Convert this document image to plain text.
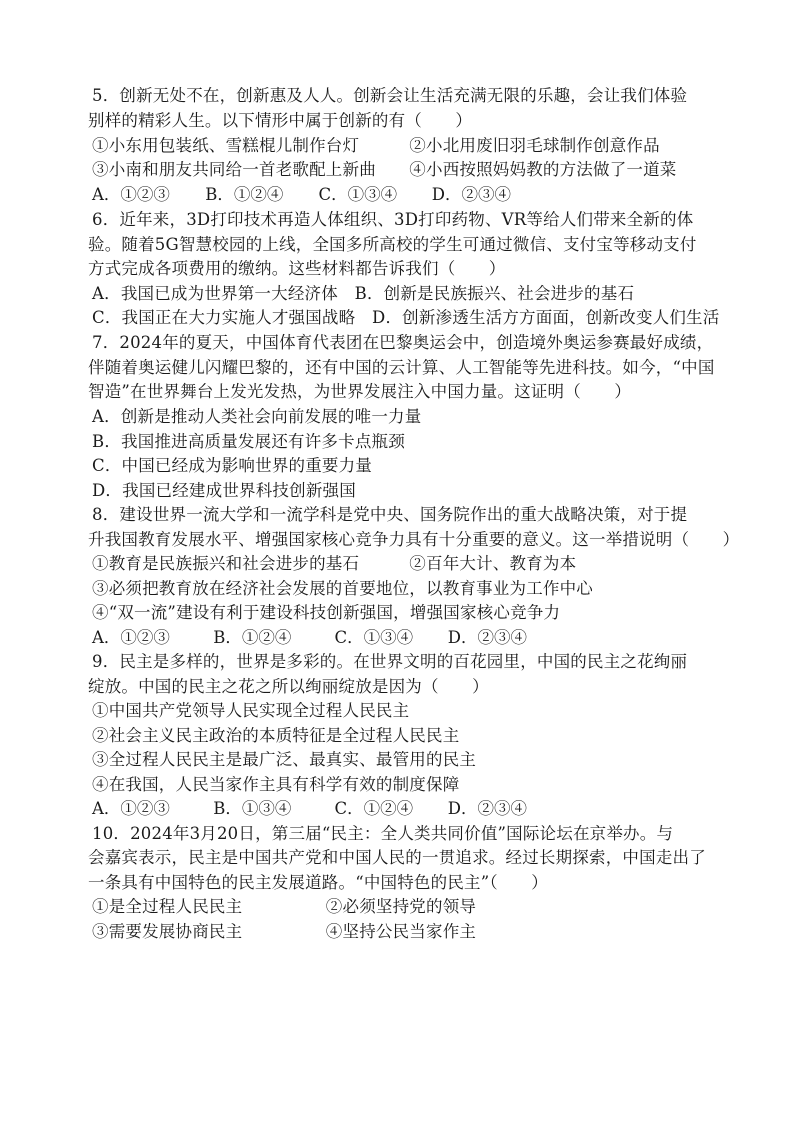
5．创新无处不在，创新惠及人人。创新会让生活充满无限的乐趣，会让我们体验
别样的精彩人生。以下情形中属于创新的有（　　）
①小东用包装纸、雪糕棍儿制作台灯　　　②小北用废旧羽毛球制作创意作品
③小南和朋友共同给一首老歌配上新曲　　④小西按照妈妈教的方法做了一道菜
A．①②③ B．①②④ C．①③④ D．②③④
6．近年来，3D打印技术再造人体组织、3D打印药物、VR等给人们带来全新的体
验。随着5G智慧校园的上线，全国多所高校的学生可通过微信、支付宝等移动支付
方式完成各项费用的缴纳。这些材料都告诉我们（　　）
A．我国已成为世界第一大经济体　B．创新是民族振兴、社会进步的基石
C．我国正在大力实施人才强国战略　D．创新渗透生活方方面面，创新改变人们生活
7．2024年的夏天，中国体育代表团在巴黎奥运会中，创造境外奥运参赛最好成绩，
伴随着奥运健儿闪耀巴黎的，还有中国的云计算、人工智能等先进科技。如今，“中国
智造”在世界舞台上发光发热，为世界发展注入中国力量。这证明（　　）
A．创新是推动人类社会向前发展的唯一力量
B．我国推进高质量发展还有许多卡点瓶颈
C．中国已经成为影响世界的重要力量
D．我国已经建成世界科技创新强国
8．建设世界一流大学和一流学科是党中央、国务院作出的重大战略决策，对于提
升我国教育发展水平、增强国家核心竞争力具有十分重要的意义。这一举措说明（　　）
①教育是民族振兴和社会进步的基石　　　②百年大计、教育为本
③必须把教育放在经济社会发展的首要地位，以教育事业为工作中心
④“双一流”建设有利于建设科技创新强国，增强国家核心竞争力
A．①②③	B．①②④	C．①③④ D．②③④
9．民主是多样的，世界是多彩的。在世界文明的百花园里，中国的民主之花绚丽
绽放。中国的民主之花之所以绚丽绽放是因为（　　）
①中国共产党领导人民实现全过程人民民主
②社会主义民主政治的本质特征是全过程人民民主
③全过程人民民主是最广泛、最真实、最管用的民主
④在我国，人民当家作主具有科学有效的制度保障
A．①②③	B．①③④	C．①②④ D．②③④
10．2024年3月20日，第三届“民主：全人类共同价值”国际论坛在京举办。与
会嘉宾表示，民主是中国共产党和中国人民的一贯追求。经过长期探索，中国走出了
一条具有中国特色的民主发展道路。“中国特色的民主”（　　）
①是全过程人民民主　　　　　②必须坚持党的领导
③需要发展协商民主　　　　　④坚持公民当家作主
